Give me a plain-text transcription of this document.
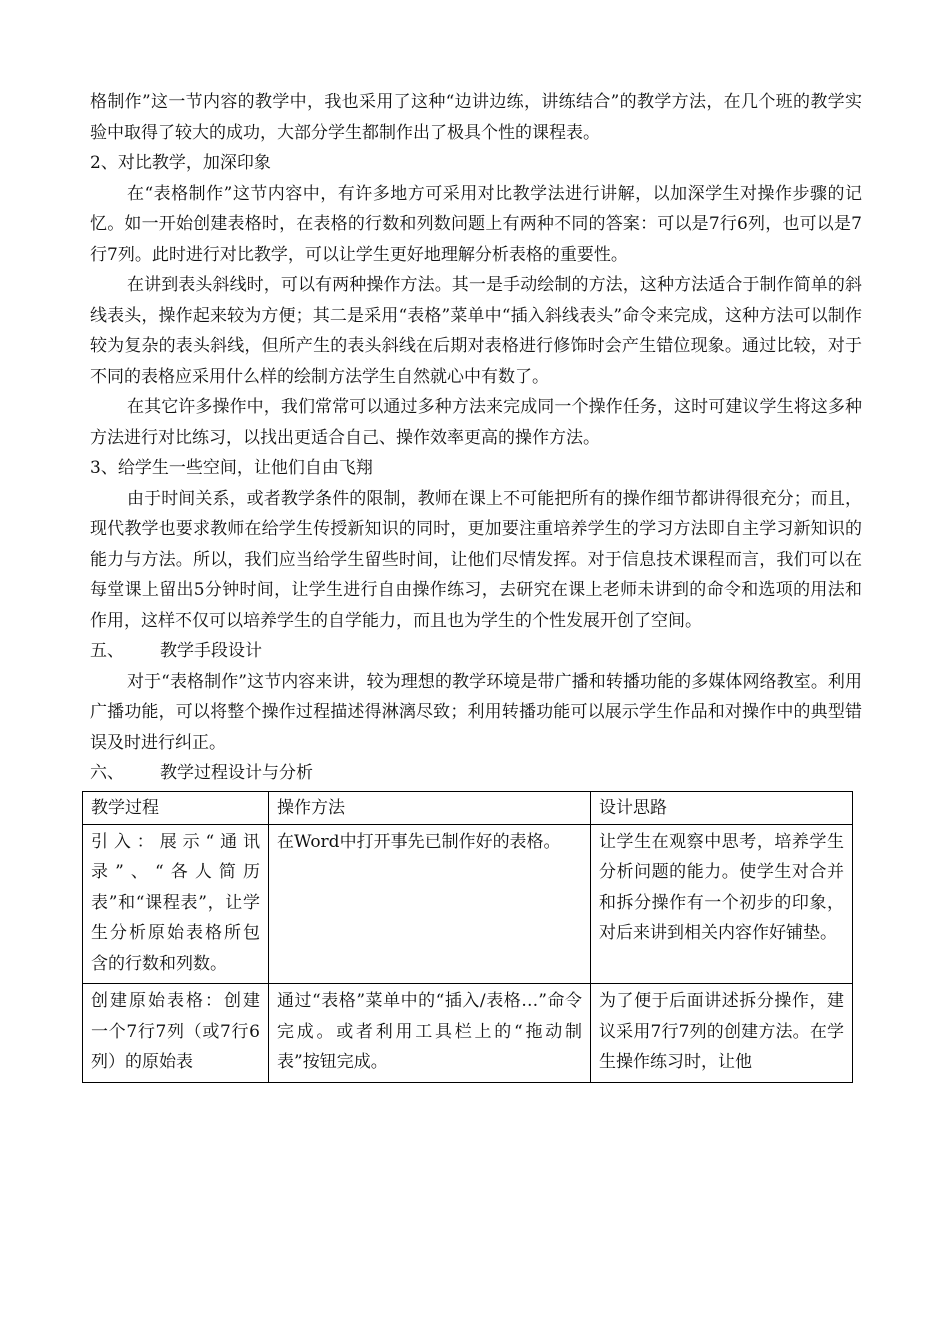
格制作”这一节内容的教学中，我也采用了这种“边讲边练，讲练结合”的教学方法，在几个班的教学实验中取得了较大的成功，大部分学生都制作出了极具个性的课程表。

2、对比教学，加深印象

在“表格制作”这节内容中，有许多地方可采用对比教学法进行讲解，以加深学生对操作步骤的记忆。如一开始创建表格时，在表格的行数和列数问题上有两种不同的答案：可以是7行6列，也可以是7行7列。此时进行对比教学，可以让学生更好地理解分析表格的重要性。

在讲到表头斜线时，可以有两种操作方法。其一是手动绘制的方法，这种方法适合于制作简单的斜线表头，操作起来较为方便；其二是采用“表格”菜单中“插入斜线表头”命令来完成，这种方法可以制作较为复杂的表头斜线，但所产生的表头斜线在后期对表格进行修饰时会产生错位现象。通过比较，对于不同的表格应采用什么样的绘制方法学生自然就心中有数了。

在其它许多操作中，我们常常可以通过多种方法来完成同一个操作任务，这时可建议学生将这多种方法进行对比练习，以找出更适合自己、操作效率更高的操作方法。

3、给学生一些空间，让他们自由飞翔

由于时间关系，或者教学条件的限制，教师在课上不可能把所有的操作细节都讲得很充分；而且，现代教学也要求教师在给学生传授新知识的同时，更加要注重培养学生的学习方法即自主学习新知识的能力与方法。所以，我们应当给学生留些时间，让他们尽情发挥。对于信息技术课程而言，我们可以在每堂课上留出5分钟时间，让学生进行自由操作练习，去研究在课上老师未讲到的命令和选项的用法和作用，这样不仅可以培养学生的自学能力，而且也为学生的个性发展开创了空间。

五、 教学手段设计

对于“表格制作”这节内容来讲，较为理想的教学环境是带广播和转播功能的多媒体网络教室。利用广播功能，可以将整个操作过程描述得淋漓尽致；利用转播功能可以展示学生作品和对操作中的典型错误及时进行纠正。

六、 教学过程设计与分析
教学过程	操作方法	设计思路
引入：展示“通讯录”、“各人简历表”和“课程表”，让学生分析原始表格所包含的行数和列数。	在Word中打开事先已制作好的表格。	让学生在观察中思考，培养学生分析问题的能力。使学生对合并和拆分操作有一个初步的印象，对后来讲到相关内容作好铺垫。
创建原始表格：创建一个7行7列（或7行6列）的原始表	通过“表格”菜单中的“插入/表格…”命令完成。或者利用工具栏上的“拖动制表”按钮完成。	为了便于后面讲述拆分操作，建议采用7行7列的创建方法。在学生操作练习时，让他
